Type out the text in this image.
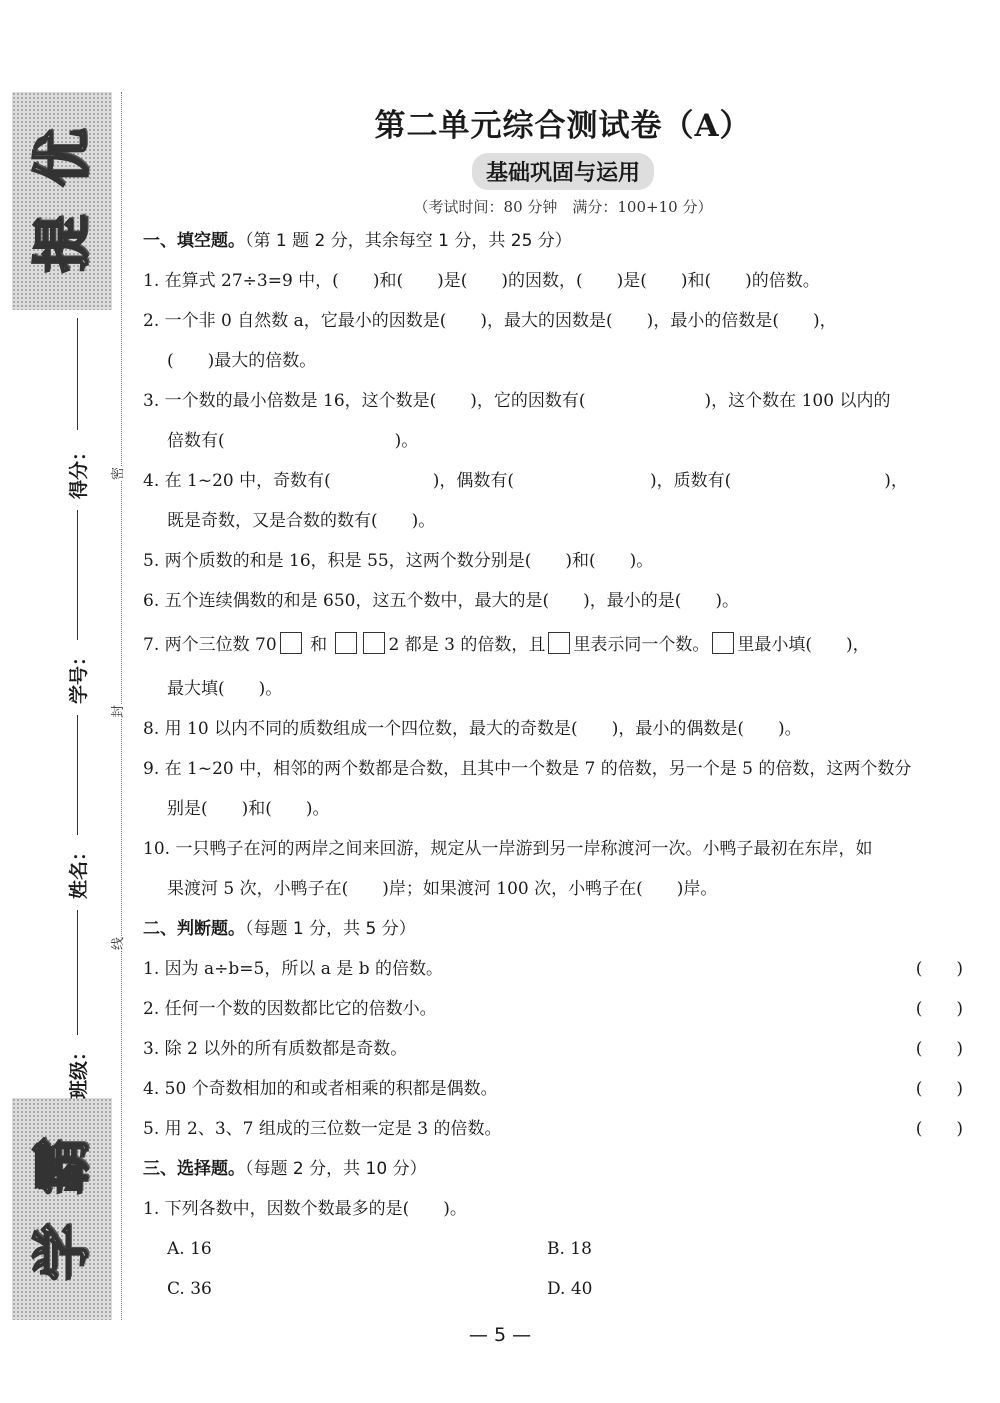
优
提
霸
学
得分：
学号：
姓名：
班级：
密
封
线
第二单元综合测试卷（A）
基础巩固与运用
（考试时间：80 分钟　满分：100+10 分）
一、填空题。（第 1 题 2 分，其余每空 1 分，共 25 分）
1. 在算式 27÷3=9 中，(　　)和(　　)是(　　)的因数，(　　)是(　　)和(　　)的倍数。
2. 一个非 0 自然数 a，它最小的因数是(　　)，最大的因数是(　　)，最小的倍数是(　　)，
(　　)最大的倍数。
3. 一个数的最小倍数是 16，这个数是(　　)，它的因数有(　　　　　　　)，这个数在 100 以内的
倍数有(　　　　　　　　　　)。
4. 在 1~20 中，奇数有(　　　　　　)，偶数有(　　　　　　　　)，质数有(　　　　　　　　　)，
既是奇数，又是合数的数有(　　)。
5. 两个质数的和是 16，积是 55，这两个数分别是(　　)和(　　)。
6. 五个连续偶数的和是 650，这五个数中，最大的是(　　)，最小的是(　　)。
7. 两个三位数 70 和	2 都是 3 的倍数，且 里表示同一个数。 里最小填(　　)，
最大填(　　)。
8. 用 10 以内不同的质数组成一个四位数，最大的奇数是(　　)，最小的偶数是(　　)。
9. 在 1~20 中，相邻的两个数都是合数，且其中一个数是 7 的倍数，另一个是 5 的倍数，这两个数分
别是(　　)和(　　)。
10. 一只鸭子在河的两岸之间来回游，规定从一岸游到另一岸称渡河一次。小鸭子最初在东岸，如
果渡河 5 次，小鸭子在(　　)岸；如果渡河 100 次，小鸭子在(　　)岸。
二、判断题。（每题 1 分，共 5 分）
1. 因为 a÷b=5，所以 a 是 b 的倍数。	(　　)
2. 任何一个数的因数都比它的倍数小。	(　　)
3. 除 2 以外的所有质数都是奇数。	(　　)
4. 50 个奇数相加的和或者相乘的积都是偶数。	(　　)
5. 用 2、3、7 组成的三位数一定是 3 的倍数。	(　　)
三、选择题。（每题 2 分，共 10 分）
1. 下列各数中，因数个数最多的是(　　)。
A. 16	B. 18
C. 36	D. 40
— 5 —
